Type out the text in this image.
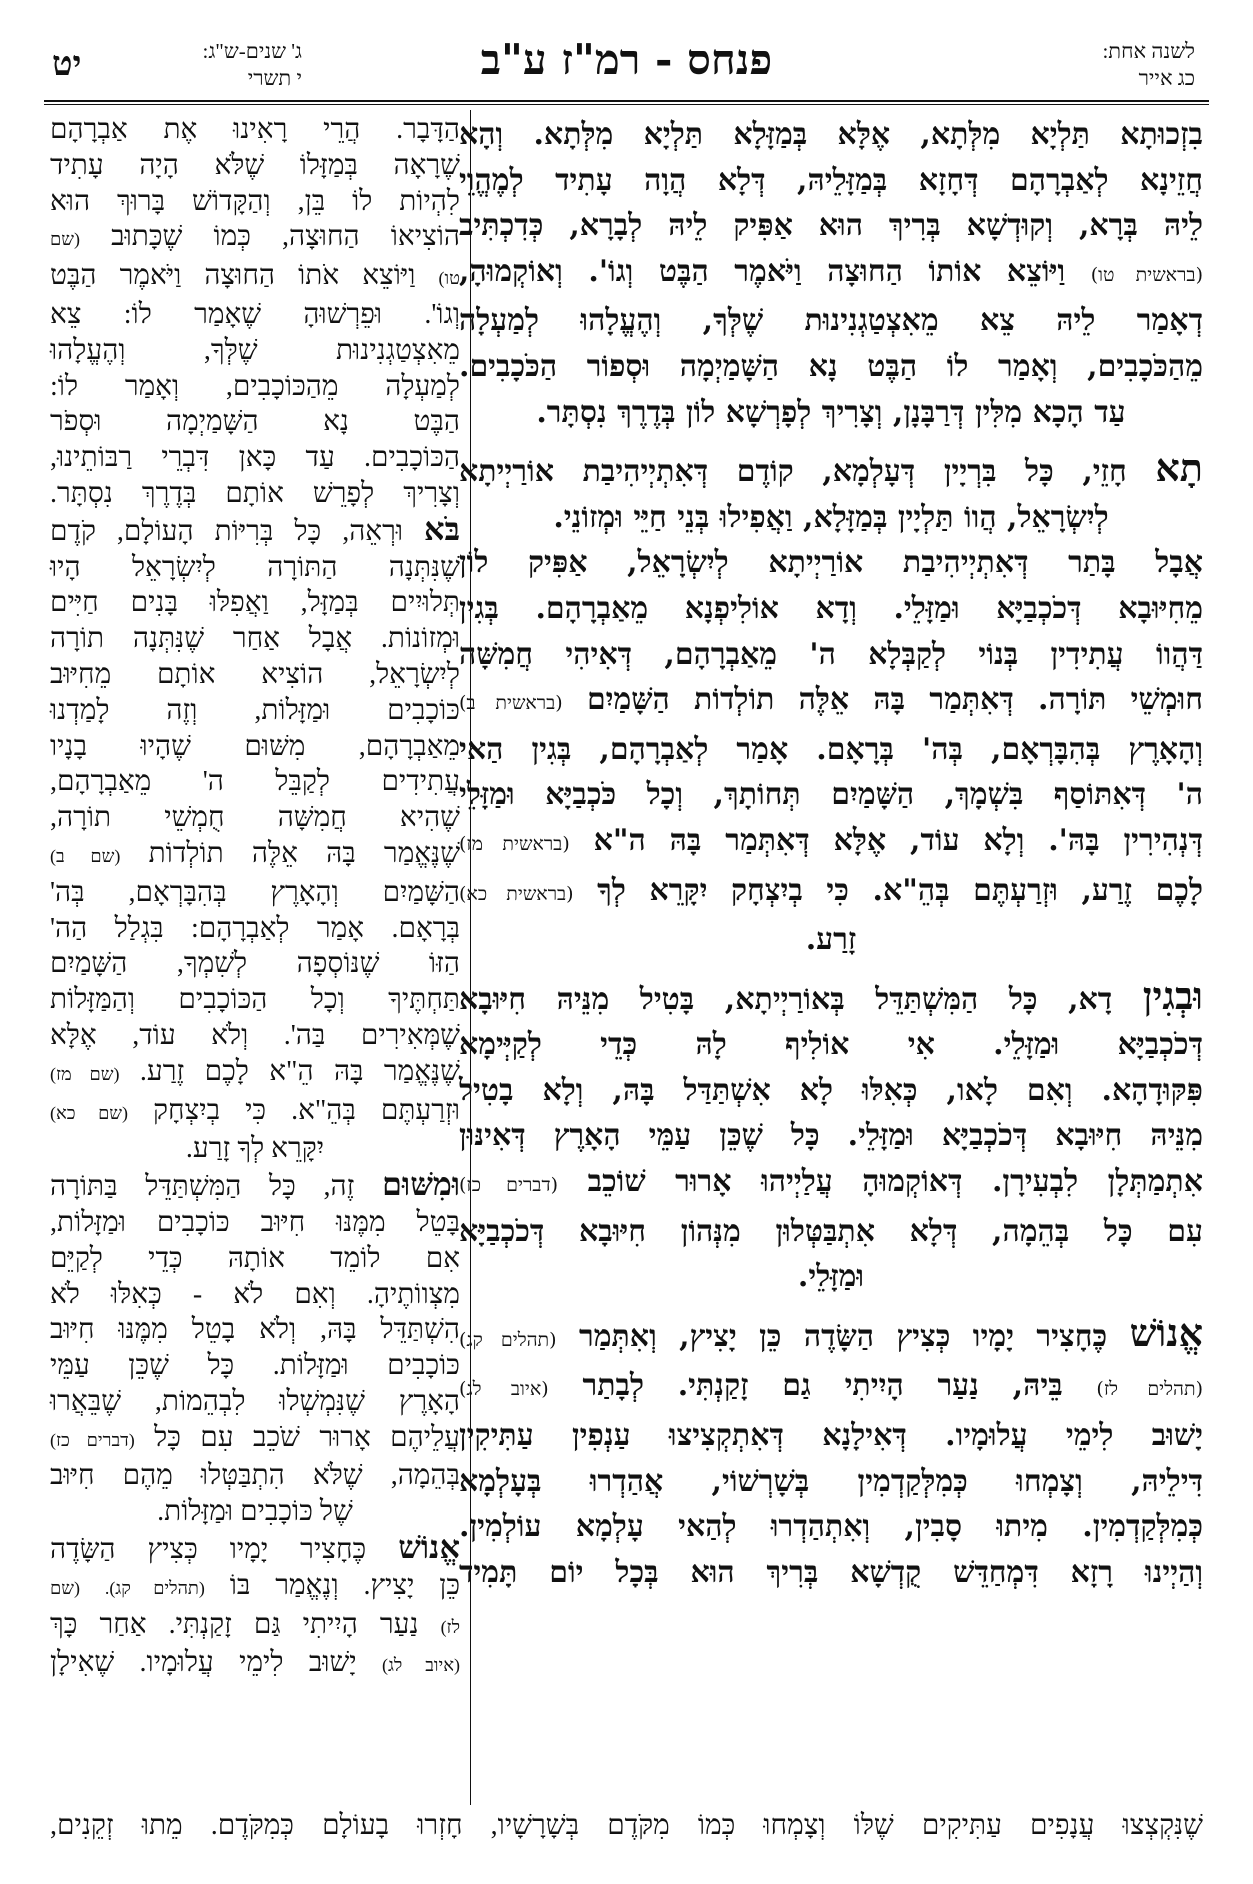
לשנה אחת:
כג אייר
פנחס - רמ"ז ע"ב
ג' שנים-ש"ג:
י תשרי
יט

בִזְכוּתָא תַּלְיָא מִלְּתָא, אֶלָּא בְּמַזָּלָא תַּלְיָא מִלְּתָא. וְהָא

חֲזֵינָא לְאַבְרָהָם דְּחָזָא בְּמַזָּלֵיהּ, דְּלָא הֲוָה עָתִיד לְמֶהֱוֵי

לֵיהּ בְּרָא, וְקוּדְשָׁא בְּרִיךְ הוּא אַפִּיק לֵיהּ לְבָרָא, כְּדִכְתִּיב

(בראשית טו) וַיּוֹצֵא אוֹתוֹ הַחוּצָה וַיֹּאמֶר הַבֶּט וְגוֹ'. וְאוֹקְמוּהָ,

דְאָמַר לֵיהּ צֵא מֵאִצְטַגְנִינוּת שֶׁלְּךָ, וְהֶעֱלָהוּ לְמַעְלָה

מֵהַכֹּכָבִים, וְאָמַר לוֹ הַבֶּט נָא הַשָּׁמַיְמָה וּסְפוֹר הַכֹּכָבִים.

עַד הָכָא מִלִּין דְּרַבָּנָן, וְצָרִיךְ לְפָרְשָׁא לוֹן בְּדֶרֶךְ נִסְתָּר.

תָא חָזֵי, כָּל בִּרְיָין דְּעָלְמָא, קוֹדֶם דְּאִתְיְיהִיבַת אוֹרַיְיתָא

לְיִשְׂרָאֵל, הֲווֹ תַּלְיָין בְּמַזָּלָא, וַאֲפִילוּ בְּנֵי חַיֵּי וּמְזוֹנֵי.

אֲבָל בָּתַר דְּאִתְיְיהִיבַת אוֹרַיְיתָא לְיִשְׂרָאֵל, אַפִּיק לוֹן

מֵחִיּוּבָא דְּכֹכְבַיָּא וּמַזָּלֵי. וְדָא אוֹלִיפְנָא מֵאַבְרָהָם. בְּגִין

דַּהֲווֹ עֲתִידִין בְּנוֹי לְקַבְּלָא ה' מֵאַבְרָהָם, דְּאִיהִי חֲמִשָּׁה

חוּמְשֵׁי תּוֹרָה. דְּאִתְּמַר בָּהּ אֵלֶּה תוֹלְדוֹת הַשָּׁמַיִם (בראשית ב)

וְהָאָרֶץ בְּהִבָּרְאָם, בְּה' בְּרָאָם. אָמַר לְאַבְרָהָם, בְּגִין הַאי

ה' דְּאִתּוֹסַף בִּשְׁמָךְ, הַשָּׁמַיִם תְּחוֹתָךְ, וְכָל כֹּכְבַיָּא וּמַזָּלֵי

דְּנְהִירִין בָּהּ'. וְלָא עוֹד, אֶלָּא דְּאִתְּמַר בָּהּ ה"א (בראשית מז)

לָכֶם זֶרַע, וּזְרַעְתֶּם בְּהֵ"א. כִּי בְיִצְחָק יִקָּרֵא לְךָ (בראשית כא)

זָרַע.

וּבְגִין דָא, כָּל הַמִּשְׁתַּדֵּל בְּאוֹרַיְיתָא, בָּטִיל מִנֵּיהּ חִיּוּבָא

דְּכֹכְבַיָּא וּמַזָּלֵי. אִי אוֹלִיף לָהּ כְּדֵי לְקַיְּימָא

פִּקּוּדָהָא. וְאִם לָאו, כְּאִלּוּ לָא אִשְׁתַּדַּל בָּהּ, וְלָא בָטִיל

מִנֵּיהּ חִיּוּבָא דְּכֹכְבַיָּא וּמַזָּלֵי. כָּל שֶׁכֵּן עַמֵּי הָאָרֶץ דְּאִינּוּן

אִתְמַתְּלָן לִבְעִירָן. דְּאוֹקְמוּהָ עֲלַיְיהוּ אָרוּר שׁוֹכֵב (דברים כז)

עִם כָּל בְּהֵמָה, דְּלָא אִתְבַּטְּלוּן מִנְּהוֹן חִיּוּבָא דְּכֹכְבַיָּא

וּמַזָּלֵי.

אֱנוֹשׁ כֶּחָצִיר יָמָיו כְּצִיץ הַשָּׂדֶה כֵּן יָצִיץ, וְאִתְּמַר (תהלים קג)

(תהלים לז) בֵּיהּ, נַעַר הָיִיתִי גַם זָקַנְתִּי. לְבָתַר (איוב לג)

יָשׁוּב לִימֵי עֲלוּמָיו. דְּאִילָנָא דְּאִתְקְצִיצוּ עַנְפִין עַתִּיקִין

דִּילֵיהּ, וְצָמְחוּ כְּמִלְּקַדְמִין בְּשָׁרְשׁוֹי, אֲהַדְרוּ בְּעָלְמָא

כְּמִלְּקַדְמִין. מִיתוּ סָבִין, וְאִתְהַדְרוּ לְהַאי עָלְמָא עוֹלְמִין.

וְהַיְינוּ רָזָא דִּמְחַדֵּשׁ קֻדְשָׁא בְּרִיךְ הוּא בְּכָל יוֹם תָּמִיד

הַדָּבָר. הֲרֵי רָאִינוּ אֶת אַבְרָהָם

שֶׁרָאָה בְּמַזָּלוֹ שֶׁלֹּא הָיָה עָתִיד

לִהְיוֹת לוֹ בֵּן, וְהַקָּדוֹשׁ בָּרוּךְ הוּא

הוֹצִיאוֹ הַחוּצָה, כְּמוֹ שֶׁכָּתוּב (שם

טו) וַיּוֹצֵא אֹתוֹ הַחוּצָה וַיֹּאמֶר הַבֶּט

וְגוֹ'. וּפֵרְשׁוּהָ שֶׁאָמַר לוֹ: צֵא

מֵאִצְטַגְנִינוּת שֶׁלְּךָ, וְהֶעֱלָהוּ

לְמַעְלָה מֵהַכּוֹכָבִים, וְאָמַר לוֹ:

הַבֶּט נָא הַשָּׁמַיְמָה וּסְפֹר

הַכּוֹכָבִים. עַד כָּאן דִּבְרֵי רַבּוֹתֵינוּ,

וְצָרִיךְ לְפָרֵשׁ אוֹתָם בְּדֶרֶךְ נִסְתָּר.

בֹּא וּרְאֵה, כָּל בְּרִיּוֹת הָעוֹלָם, קֹדֶם

שֶׁנִּתְּנָה הַתּוֹרָה לְיִשְׂרָאֵל הָיוּ

תְּלוּיִים בְּמַזָּל, וַאֲפִלּוּ בָּנִים חַיִּים

וּמְזוֹנוֹת. אֲבָל אַחַר שֶׁנִּתְּנָה תוֹרָה

לְיִשְׂרָאֵל, הוֹצִיא אוֹתָם מֵחִיּוּב

כּוֹכָבִים וּמַזָּלוֹת, וְזֶה לָמַדְנוּ

מֵאַבְרָהָם, מִשּׁוּם שֶׁהָיוּ בָנָיו

עֲתִידִים לְקַבֵּל ה' מֵאַבְרָהָם,

שֶׁהִיא חֲמִשָּׁה חֻמְשֵׁי תוֹרָה,

שֶׁנֶּאֱמַר בָּהּ אֵלֶּה תוֹלְדוֹת (שם ב)

הַשָּׁמַיִם וְהָאָרֶץ בְּהִבָּרְאָם, בְּה'

בְּרָאָם. אָמַר לְאַבְרָהָם: בִּגְלַל הַה'

הַזּוֹ שֶׁנּוֹסְפָה לְשִׁמְךָ, הַשָּׁמַיִם

תַּחְתֶּיךָ וְכָל הַכּוֹכָבִים וְהַמַּזָּלוֹת

שֶׁמְּאִירִים בַּה'. וְלֹא עוֹד, אֶלָּא

שֶׁנֶּאֱמַר בָּהּ הֵ"א לָכֶם זֶרַע. (שם מז)

וּזְרַעְתֶּם בְּהֵ"א. כִּי בְיִצְחָק (שם כא)

יִקָּרֵא לְךָ זָרַע.

וּמִשּׁוּם זֶה, כָּל הַמִּשְׁתַּדֵּל בַּתּוֹרָה

בָּטֵל מִמֶּנּוּ חִיּוּב כּוֹכָבִים וּמַזָּלוֹת,

אִם לוֹמֵד אוֹתָהּ כְּדֵי לְקַיֵּם

מִצְווֹתֶיהָ. וְאִם לֹא - כְּאִלּוּ לֹא

הִשְׁתַּדֵּל בָּהּ, וְלֹא בָטֵל מִמֶּנּוּ חִיּוּב

כּוֹכָבִים וּמַזָּלוֹת. כָּל שֶׁכֵּן עַמֵּי

הָאָרֶץ שֶׁנִּמְשְׁלוּ לִבְהֵמוֹת, שֶׁבֵּאֲרוּ

עֲלֵיהֶם אָרוּר שֹׁכֵב עִם כָּל (דברים כז)

בְּהֵמָה, שֶׁלֹּא הִתְבַּטְּלוּ מֵהֶם חִיּוּב

שֶׁל כּוֹכָבִים וּמַזָּלוֹת.

אֱנוֹשׁ כֶּחָצִיר יָמָיו כְּצִיץ הַשָּׂדֶה

כֵּן יָצִיץ. וְנֶאֱמַר בּוֹ (תהלים קג). (שם

לז) נַעַר הָיִיתִי גַּם זָקַנְתִּי. אַחַר כָּךְ

(איוב לג) יָשׁוּב לִימֵי עֲלוּמָיו. שֶׁאִילָן

שֶׁנִּקְצְצוּ עֲנָפִים עַתִּיקִים שֶׁלּוֹ וְצָמְחוּ כְּמוֹ מִקֹּדֶם בְּשָׁרָשָׁיו, חָזְרוּ בָעוֹלָם כְּמִקֹּדֶם. מֵתוּ זְקֵנִים,
